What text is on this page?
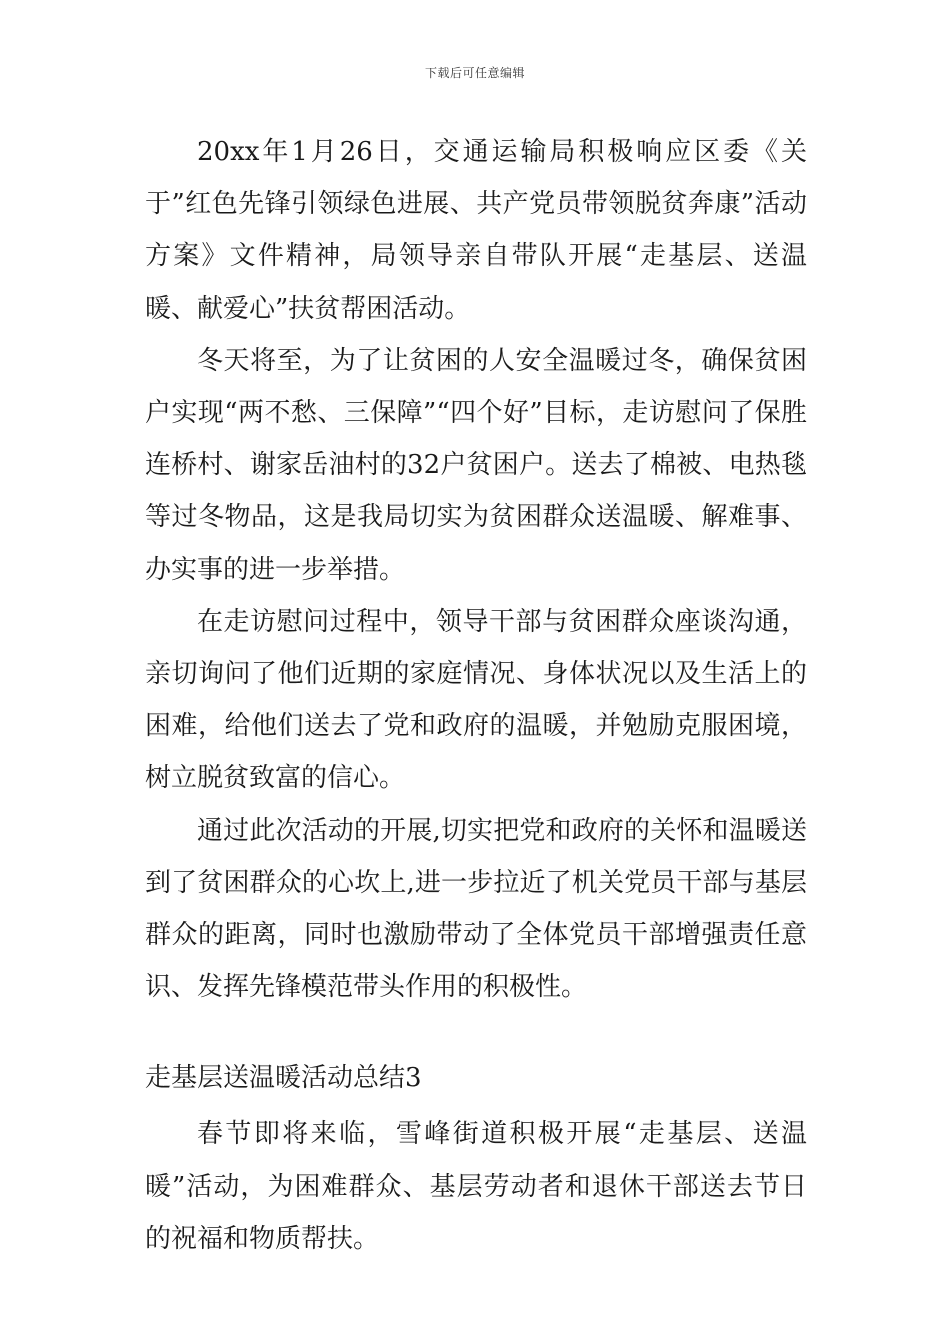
下载后可任意编辑

20xx年1月26日，交通运输局积极响应区委《关于”红色先锋引领绿色进展、共产党员带领脱贫奔康”活动方案》文件精神，局领导亲自带队开展“走基层、送温暖、献爱心”扶贫帮困活动。

冬天将至，为了让贫困的人安全温暖过冬，确保贫困户实现“两不愁、三保障”“四个好”目标，走访慰问了保胜连桥村、谢家岳油村的32户贫困户。送去了棉被、电热毯等过冬物品，这是我局切实为贫困群众送温暖、解难事、办实事的进一步举措。

在走访慰问过程中，领导干部与贫困群众座谈沟通，亲切询问了他们近期的家庭情况、身体状况以及生活上的困难，给他们送去了党和政府的温暖，并勉励克服困境，树立脱贫致富的信心。

通过此次活动的开展,切实把党和政府的关怀和温暖送到了贫困群众的心坎上,进一步拉近了机关党员干部与基层群众的距离，同时也激励带动了全体党员干部增强责任意识、发挥先锋模范带头作用的积极性。

走基层送温暖活动总结3

春节即将来临，雪峰街道积极开展“走基层、送温暖”活动，为困难群众、基层劳动者和退休干部送去节日的祝福和物质帮扶。
